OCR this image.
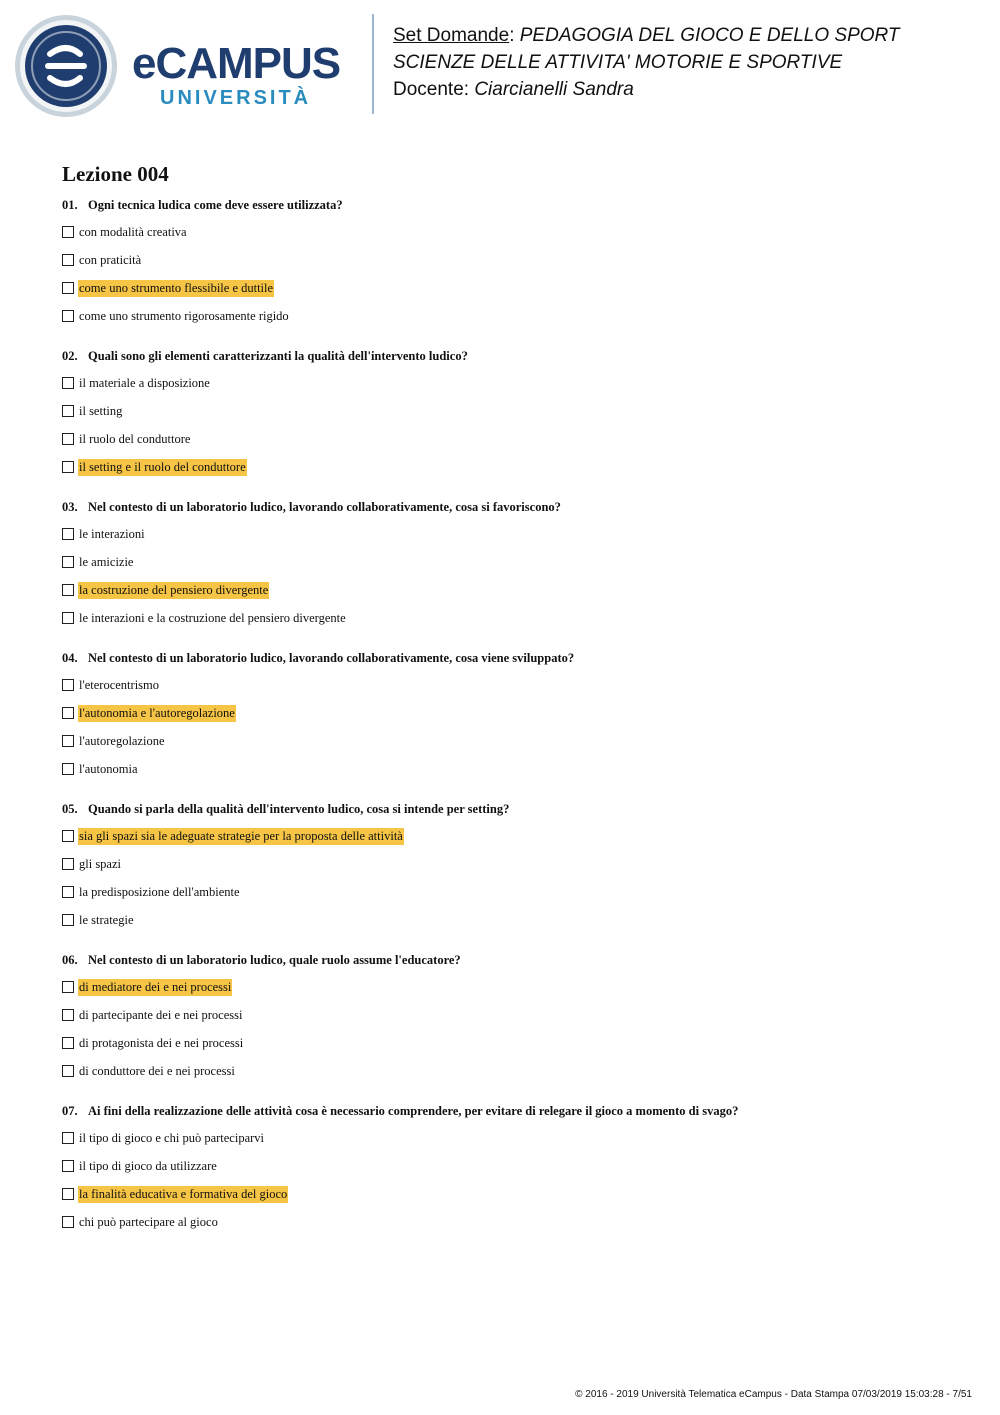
eCAMPUS
UNIVERSITÀ
Set Domande: PEDAGOGIA DEL GIOCO E DELLO SPORT
SCIENZE DELLE ATTIVITA' MOTORIE E SPORTIVE
Docente: Ciarcianelli Sandra
Lezione 004
01. Ogni tecnica ludica come deve essere utilizzata?
con modalità creativa
con praticità
come uno strumento flessibile e duttile
come uno strumento rigorosamente rigido
02. Quali sono gli elementi caratterizzanti la qualità dell'intervento ludico?
il materiale a disposizione
il setting
il ruolo del conduttore
il setting e il ruolo del conduttore
03. Nel contesto di un laboratorio ludico, lavorando collaborativamente, cosa si favoriscono?
le interazioni
le amicizie
la costruzione del pensiero divergente
le interazioni e la costruzione del pensiero divergente
04. Nel contesto di un laboratorio ludico, lavorando collaborativamente, cosa viene sviluppato?
l'eterocentrismo
l'autonomia e l'autoregolazione
l'autoregolazione
l'autonomia
05. Quando si parla della qualità dell'intervento ludico, cosa si intende per setting?
sia gli spazi sia le adeguate strategie per la proposta delle attività
gli spazi
la predisposizione dell'ambiente
le strategie
06. Nel contesto di un laboratorio ludico, quale ruolo assume l'educatore?
di mediatore dei e nei processi
di partecipante dei e nei processi
di protagonista dei e nei processi
di conduttore dei e nei processi
07. Ai fini della realizzazione delle attività cosa è necessario comprendere, per evitare di relegare il gioco a momento di svago?
il tipo di gioco e chi può parteciparvi
il tipo di gioco da utilizzare
la finalità educativa e formativa del gioco
chi può partecipare al gioco
© 2016 - 2019 Università Telematica eCampus - Data Stampa 07/03/2019 15:03:28 - 7/51
